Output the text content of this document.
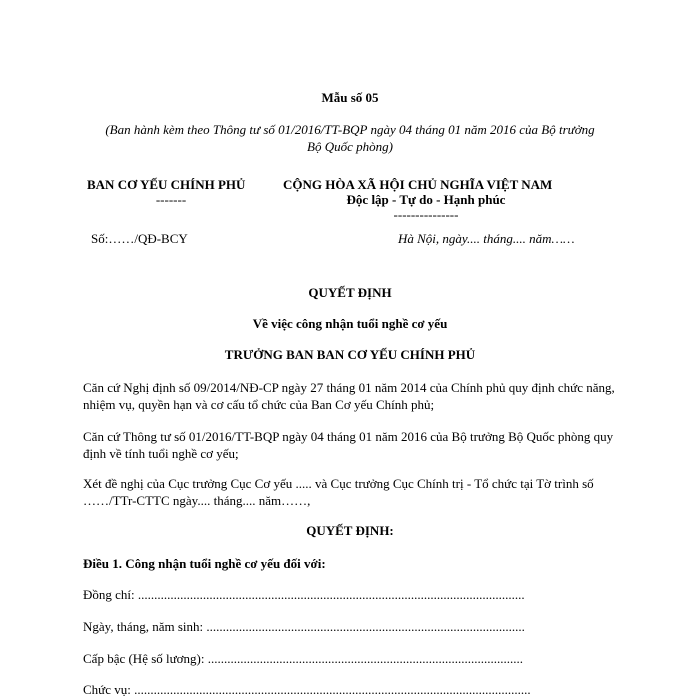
Mẫu số 05
(Ban hành kèm theo Thông tư số 01/2016/TT-BQP ngày 04 tháng 01 năm 2016 của Bộ trưởng
Bộ Quốc phòng)
BAN CƠ YẾU CHÍNH PHỦ
-------
CỘNG HÒA XÃ HỘI CHỦ NGHĨA VIỆT NAM
Độc lập - Tự do - Hạnh phúc
---------------
Số:……/QĐ-BCY	Hà Nội, ngày.... tháng.... năm……
QUYẾT ĐỊNH
Về việc công nhận tuổi nghề cơ yếu
TRƯỞNG BAN BAN CƠ YẾU CHÍNH PHỦ
Căn cứ Nghị định số 09/2014/NĐ-CP ngày 27 tháng 01 năm 2014 của Chính phủ quy định chức năng, nhiệm vụ, quyền hạn và cơ cấu tổ chức của Ban Cơ yếu Chính phủ;
Căn cứ Thông tư số 01/2016/TT-BQP ngày 04 tháng 01 năm 2016 của Bộ trưởng Bộ Quốc phòng quy định về tính tuổi nghề cơ yếu;
Xét đề nghị của Cục trưởng Cục Cơ yếu ..... và Cục trưởng Cục Chính trị - Tổ chức tại Tờ trình số ……/TTr-CTTC ngày.... tháng.... năm……,
QUYẾT ĐỊNH:
Điều 1. Công nhận tuổi nghề cơ yếu đối với:
Đồng chí: .......................................................................................................................
Ngày, tháng, năm sinh: ..................................................................................................
Cấp bậc (Hệ số lương): .................................................................................................
Chức vụ: ..........................................................................................................................
